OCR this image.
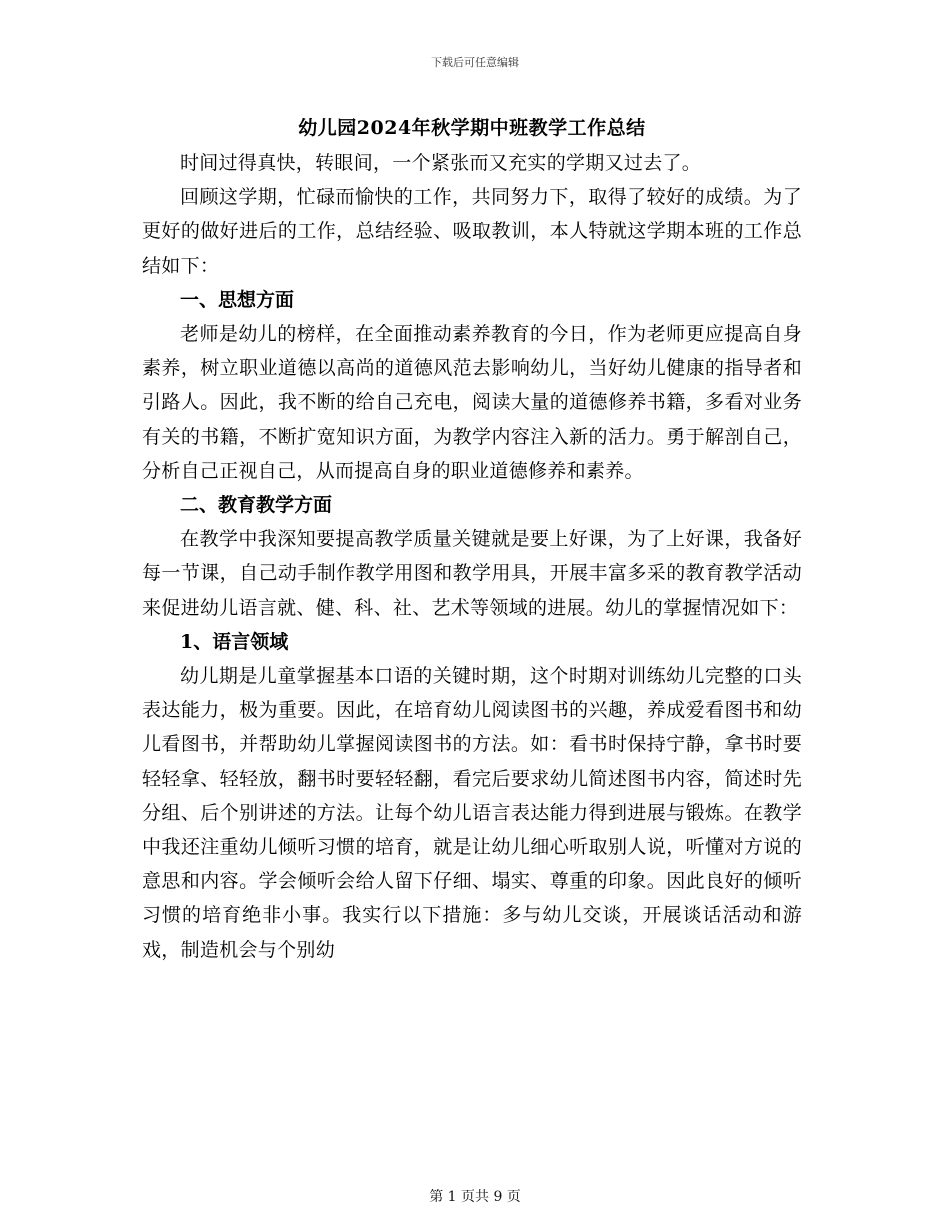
下载后可任意编辑
幼儿园2024年秋学期中班教学工作总结

时间过得真快，转眼间，一个紧张而又充实的学期又过去了。

回顾这学期，忙碌而愉快的工作，共同努力下，取得了较好的成绩。为了更好的做好进后的工作，总结经验、吸取教训，本人特就这学期本班的工作总结如下：

一、思想方面

老师是幼儿的榜样，在全面推动素养教育的今日，作为老师更应提高自身素养，树立职业道德以高尚的道德风范去影响幼儿，当好幼儿健康的指导者和引路人。因此，我不断的给自己充电，阅读大量的道德修养书籍，多看对业务有关的书籍，不断扩宽知识方面，为教学内容注入新的活力。勇于解剖自己，分析自己正视自己，从而提高自身的职业道德修养和素养。

二、教育教学方面

在教学中我深知要提高教学质量关键就是要上好课，为了上好课，我备好每一节课，自己动手制作教学用图和教学用具，开展丰富多采的教育教学活动来促进幼儿语言就、健、科、社、艺术等领域的进展。幼儿的掌握情况如下：

1、语言领域

幼儿期是儿童掌握基本口语的关键时期，这个时期对训练幼儿完整的口头表达能力，极为重要。因此，在培育幼儿阅读图书的兴趣，养成爱看图书和幼儿看图书，并帮助幼儿掌握阅读图书的方法。如：看书时保持宁静，拿书时要轻轻拿、轻轻放，翻书时要轻轻翻，看完后要求幼儿简述图书内容，简述时先分组、后个别讲述的方法。让每个幼儿语言表达能力得到进展与锻炼。在教学中我还注重幼儿倾听习惯的培育，就是让幼儿细心听取别人说，听懂对方说的意思和内容。学会倾听会给人留下仔细、塌实、尊重的印象。因此良好的倾听习惯的培育绝非小事。我实行以下措施：多与幼儿交谈，开展谈话活动和游戏，制造机会与个别幼

第 1 页共 9 页
